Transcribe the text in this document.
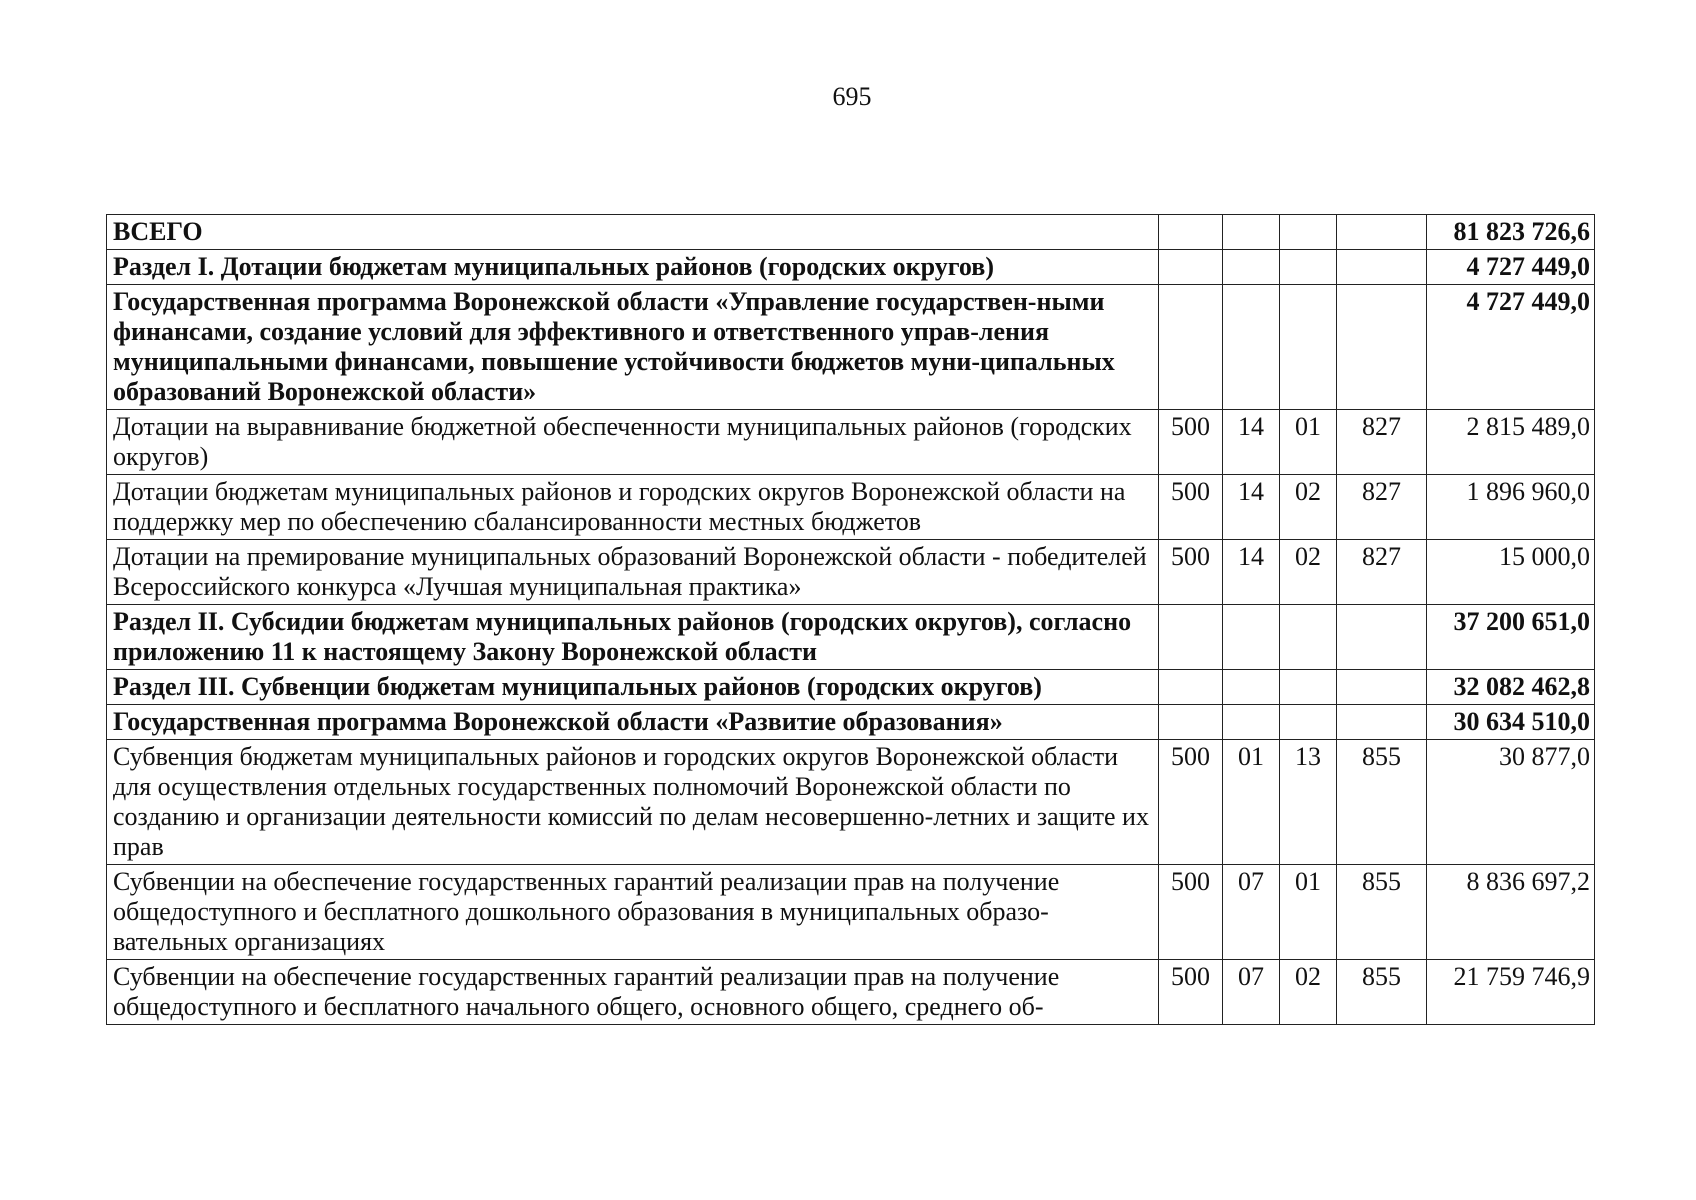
695
ВСЕГО					81 823 726,6
Раздел I. Дотации бюджетам муниципальных районов (городских округов)					4 727 449,0
Государственная программа Воронежской области «Управление государствен-ными финансами, создание условий для эффективного и ответственного управ-ления муниципальными финансами, повышение устойчивости бюджетов муни-ципальных образований Воронежской области»					4 727 449,0
Дотации на выравнивание бюджетной обеспеченности муниципальных районов (городских округов)	500	14	01	827	2 815 489,0
Дотации бюджетам муниципальных районов и городских округов Воронежской области на поддержку мер по обеспечению сбалансированности местных бюджетов	500	14	02	827	1 896 960,0
Дотации на премирование муниципальных образований Воронежской области - победителей Всероссийского конкурса «Лучшая муниципальная практика»	500	14	02	827	15 000,0
Раздел II. Субсидии бюджетам муниципальных районов (городских округов), согласно приложению 11 к настоящему Закону Воронежской области					37 200 651,0
Раздел III. Субвенции бюджетам муниципальных районов (городских округов)					32 082 462,8
Государственная программа Воронежской области «Развитие образования»					30 634 510,0
Субвенция бюджетам муниципальных районов и городских округов Воронежской области для осуществления отдельных государственных полномочий Воронежской области по созданию и организации деятельности комиссий по делам несовершенно-летних и защите их прав	500	01	13	855	30 877,0
Субвенции на обеспечение государственных гарантий реализации прав на получение общедоступного и бесплатного дошкольного образования в муниципальных образо-вательных организациях	500	07	01	855	8 836 697,2
Субвенции на обеспечение государственных гарантий реализации прав на получение общедоступного и бесплатного начального общего, основного общего, среднего об-	500	07	02	855	21 759 746,9
